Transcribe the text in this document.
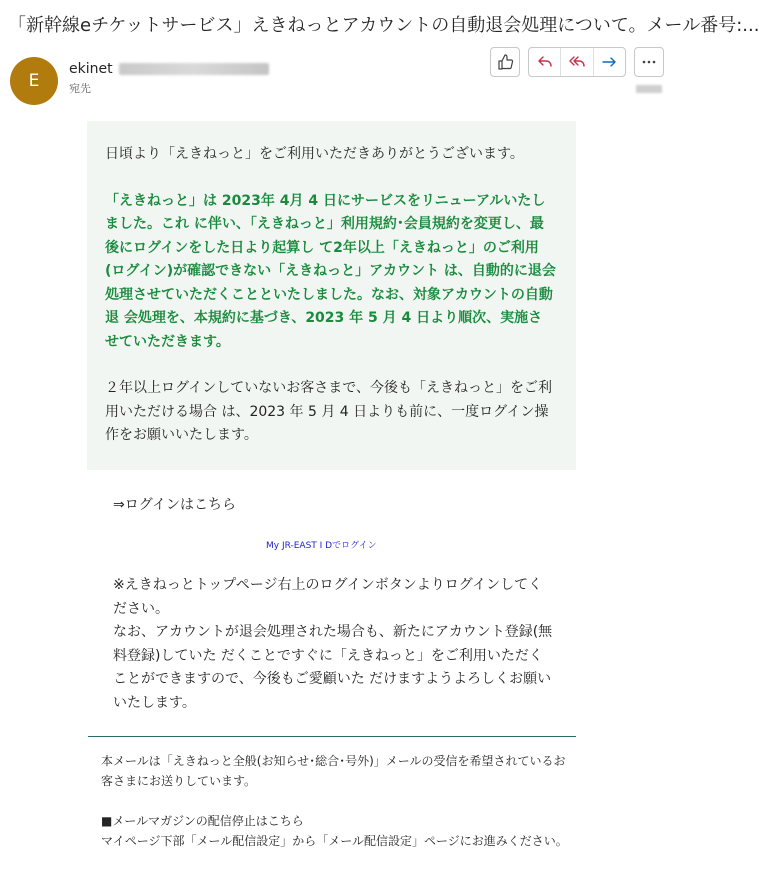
「新幹線eチケットサービス」えきねっとアカウントの自動退会処理について。メール番号:...
E
ekinet
宛先

日頃より「えきねっと」をご利用いただきありがとうございます。

「えきねっと」は 2023年 4月 4 日にサービスをリニューアルいたしました。これ に伴い、「えきねっと」利用規約･会員規約を変更し、最後にログインをした日より起算し て2年以上「えきねっと」のご利用(ログイン)が確認できない「えきねっと」アカウント は、自動的に退会処理させていただくことといたしました。なお、対象アカウントの自動退 会処理を、本規約に基づき、2023 年 5 月 4 日より順次、実施させていただきます。

２年以上ログインしていないお客さまで、今後も「えきねっと」をご利用いただける場合 は、2023 年 5 月 4 日よりも前に、一度ログイン操作をお願いいたします。

⇒ログインはこちら
My JR-EAST I Dでログイン
※えきねっとトップページ右上のログインボタンよりログインしてください。
なお、アカウントが退会処理された場合も、新たにアカウント登録(無料登録)していた だくことですぐに「えきねっと」をご利用いただくことができますので、今後もご愛顧いた だけますようよろしくお願いいたします。

本メールは「えきねっと全般(お知らせ･総合･号外)」メールの受信を希望されているお客さまにお送りしています。

■メールマガジンの配信停止はこちら
マイページ下部「メール配信設定」から「メール配信設定」ページにお進みください。
